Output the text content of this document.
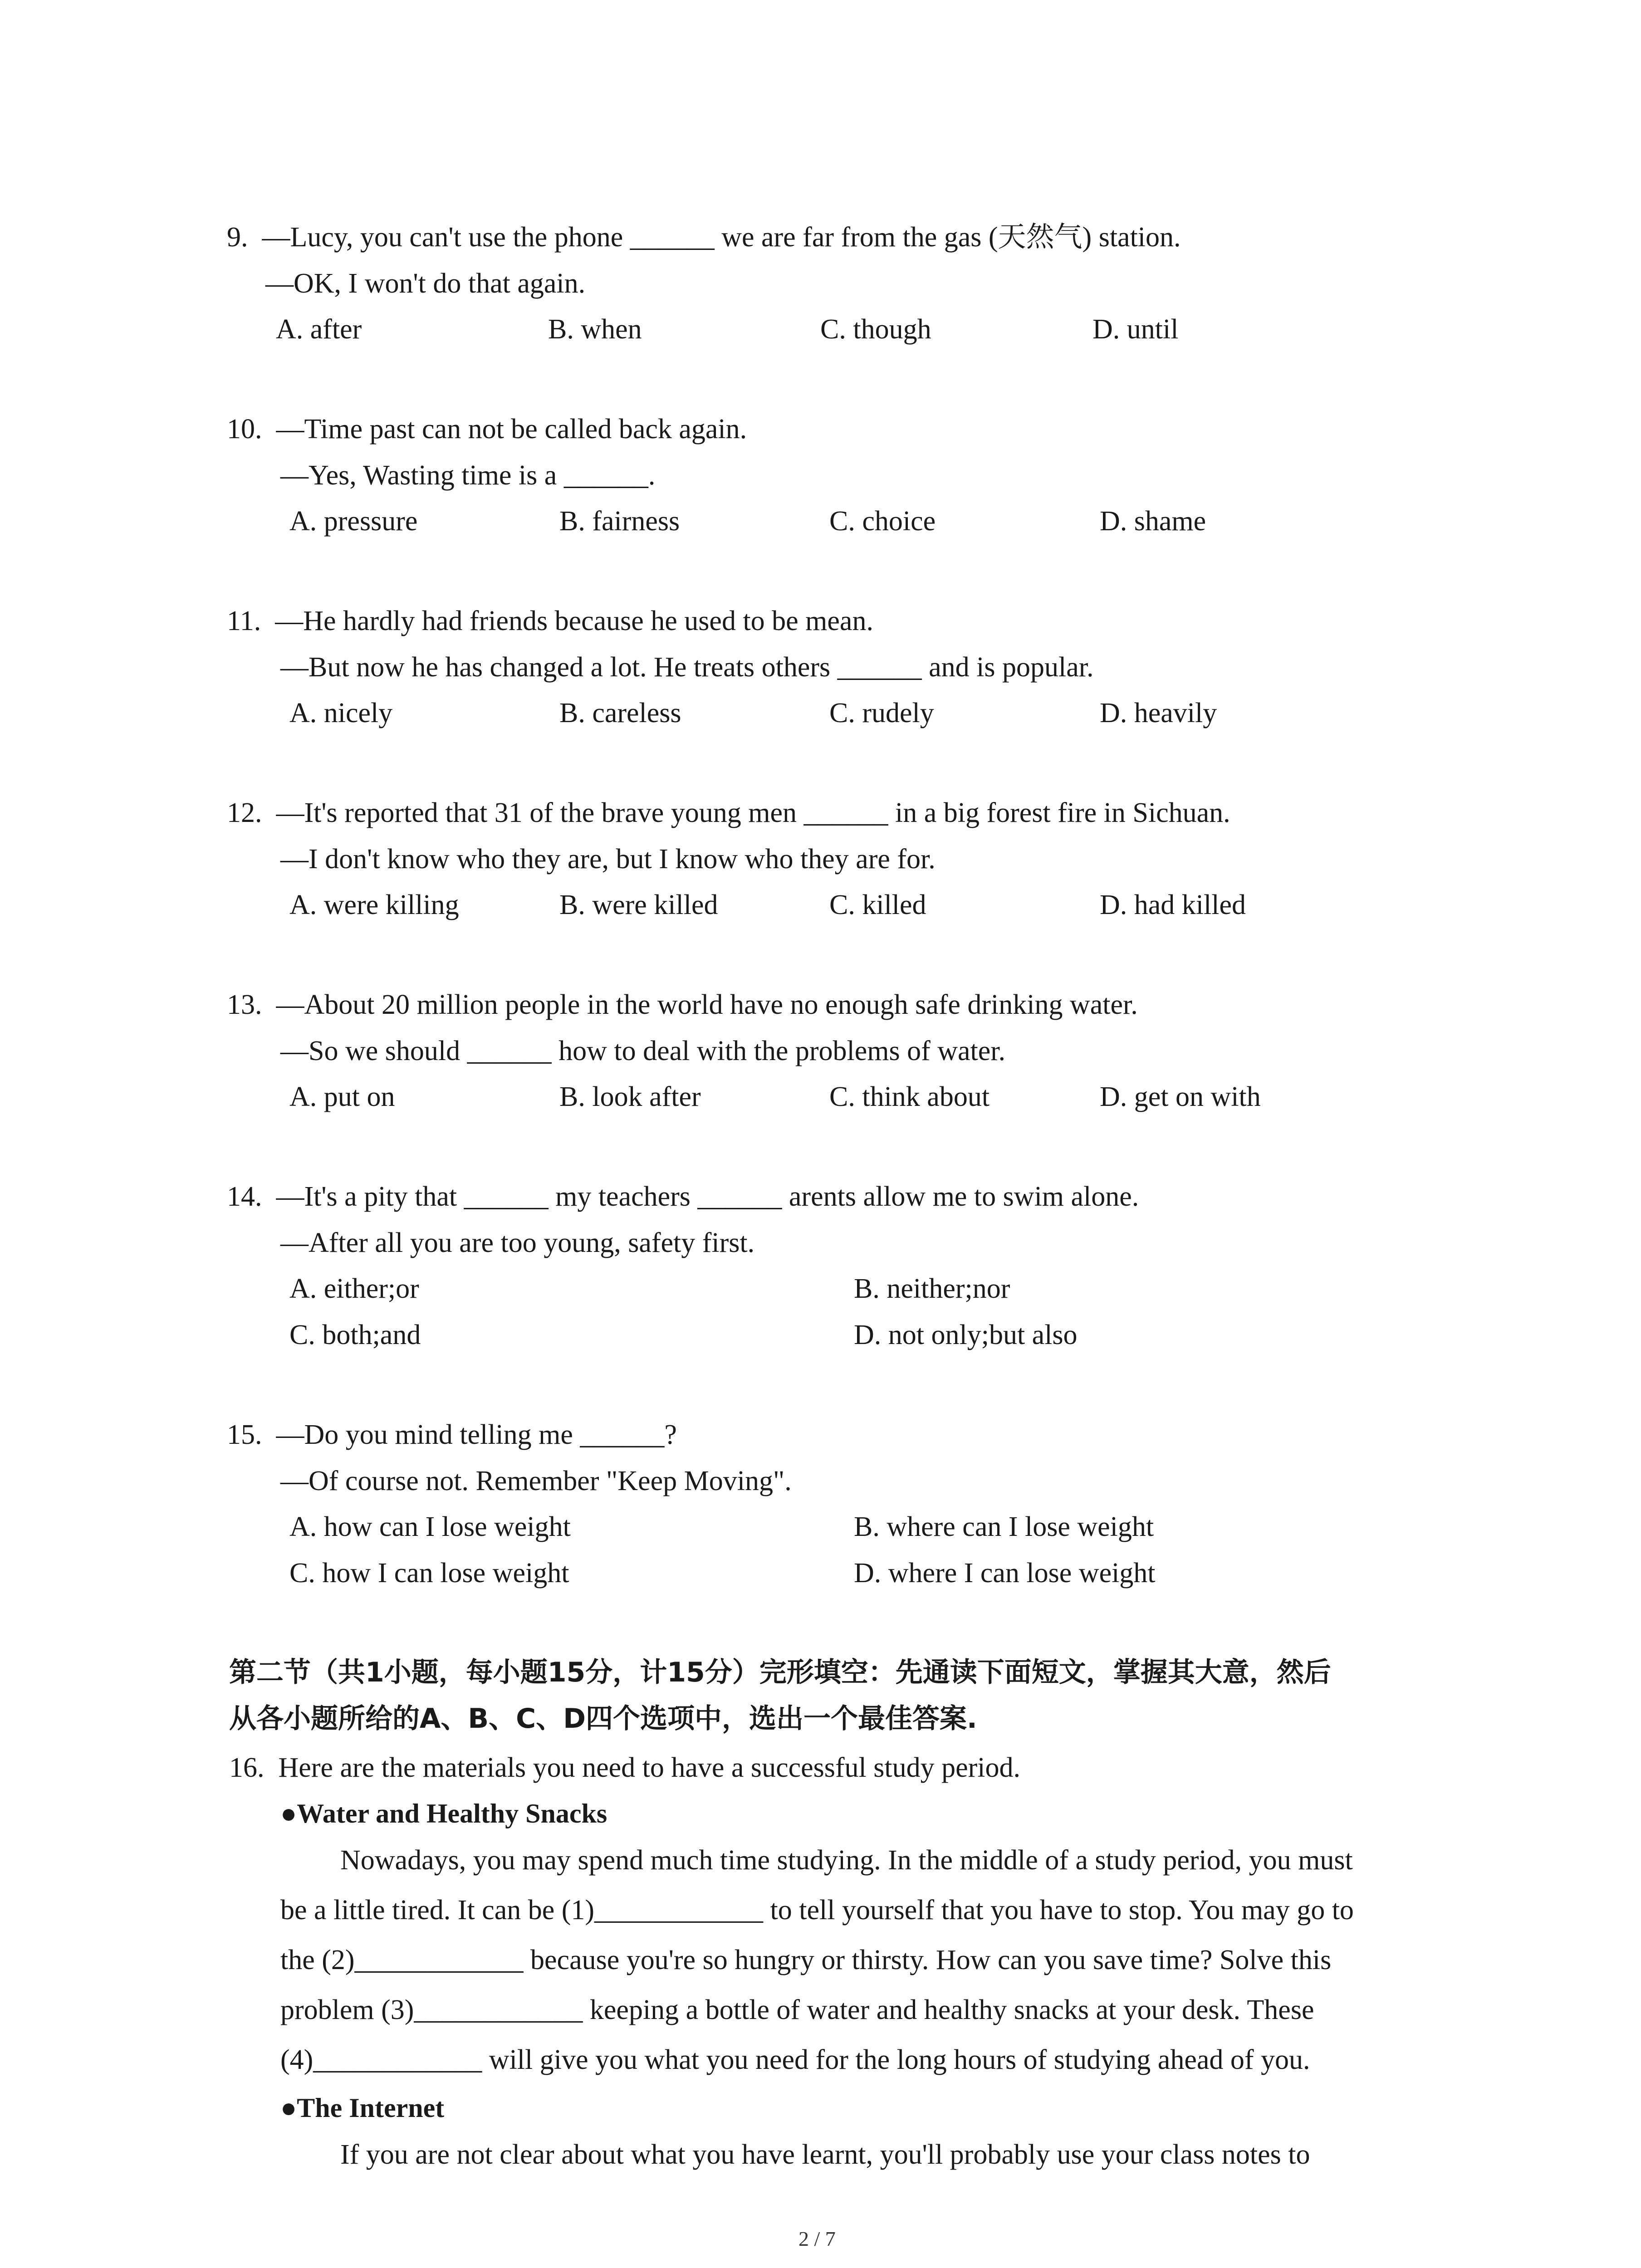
9. —Lucy, you can't use the phone ______ we are far from the gas (天然气) station.
—OK, I won't do that again.
A. after	B. when	C. though	D. until
10. —Time past can not be called back again.
—Yes, Wasting time is a ______.
A. pressure	B. fairness	C. choice	D. shame
11. —He hardly had friends because he used to be mean.
—But now he has changed a lot. He treats others ______ and is popular.
A. nicely	B. careless	C. rudely	D. heavily
12. —It's reported that 31 of the brave young men ______ in a big forest fire in Sichuan.
—I don't know who they are, but I know who they are for.
A. were killing	B. were killed	C. killed	D. had killed
13. —About 20 million people in the world have no enough safe drinking water.
—So we should ______ how to deal with the problems of water.
A. put on	B. look after	C. think about	D. get on with
14. —It's a pity that ______ my teachers ______ arents allow me to swim alone.
—After all you are too young, safety first.
A. either;or	B. neither;nor
C. both;and	D. not only;but also
15. —Do you mind telling me ______?
—Of course not. Remember "Keep Moving".
A. how can I lose weight	B. where can I lose weight
C. how I can lose weight	D. where I can lose weight
第二节（共1小题，每小题15分，计15分）完形填空：先通读下面短文，掌握其大意，然后
从各小题所给的A、B、C、D四个选项中，选出一个最佳答案.
16. Here are the materials you need to have a successful study period.
●Water and Healthy Snacks
Nowadays, you may spend much time studying. In the middle of a study period, you must
be a little tired. It can be (1)____________ to tell yourself that you have to stop. You may go to
the (2)____________ because you're so hungry or thirsty. How can you save time? Solve this
problem (3)____________ keeping a bottle of water and healthy snacks at your desk. These
(4)____________ will give you what you need for the long hours of studying ahead of you.
●The Internet
If you are not clear about what you have learnt, you'll probably use your class notes to
2 / 7
